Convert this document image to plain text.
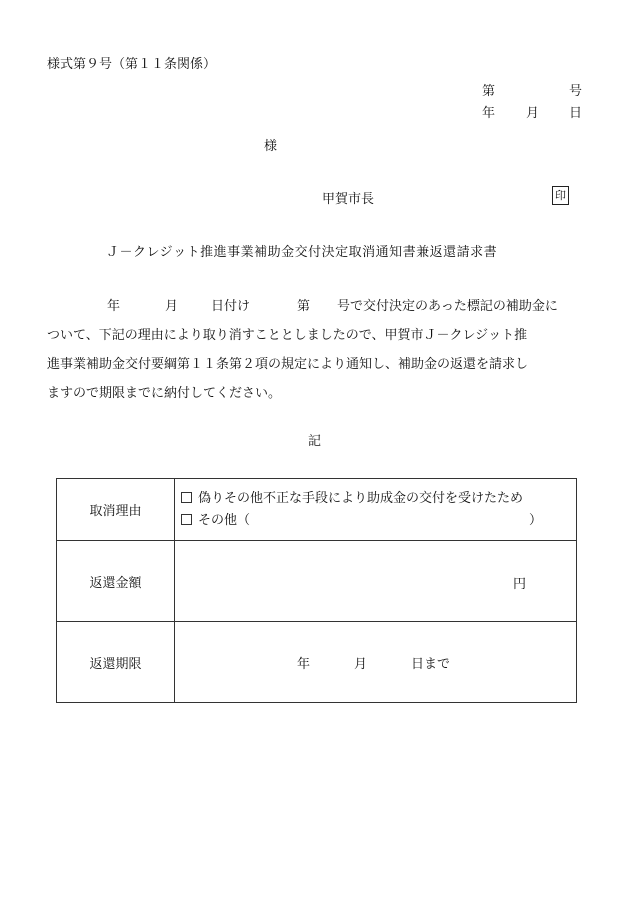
様式第９号（第１１条関係）
第	号
年 月 日
様
甲賀市長	印
Ｊ－クレジット推進事業補助金交付決定取消通知書兼返還請求書
年	月	日付け	第 号で交付決定のあった標記の補助金に
ついて、下記の理由により取り消すこととしましたので、甲賀市Ｊ－クレジット推
進事業補助金交付要綱第１１条第２項の規定により通知し、補助金の返還を請求し
ますので期限までに納付してください。
記
取消理由	偽りその他不正な手段により助成金の交付を受けたため
その他（ ）

返還金額	円

返還期限	年 月 日まで
